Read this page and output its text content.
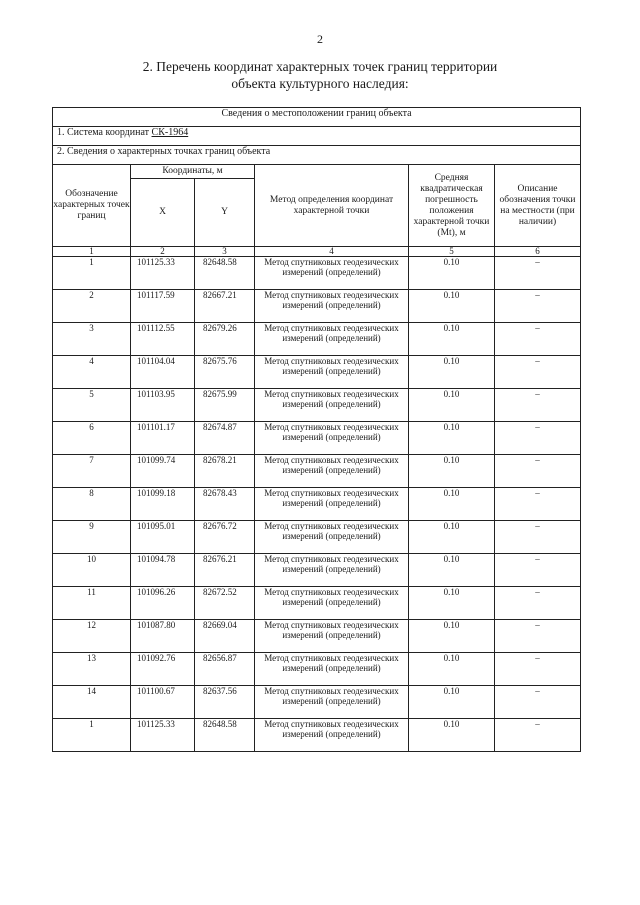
2
2. Перечень координат характерных точек границ территории
объекта культурного наследия:
Сведения о местоположении границ объекта					
1. Система координат СК-1964					
2. Сведения о характерных точках границ объекта					
Обозначение характерных точек границ	Координаты, м		Метод определения координат характерной точки	Средняя квадратическая погрешность положения характерной точки (Mt), м	Описание обозначения точки на местности (при наличии)
	X	Y			
1	2	3	4	5	6
1	101125.33	82648.58	Метод спутниковых геодезических измерений (определений)	0.10	–
2	101117.59	82667.21	Метод спутниковых геодезических измерений (определений)	0.10	–
3	101112.55	82679.26	Метод спутниковых геодезических измерений (определений)	0.10	–
4	101104.04	82675.76	Метод спутниковых геодезических измерений (определений)	0.10	–
5	101103.95	82675.99	Метод спутниковых геодезических измерений (определений)	0.10	–
6	101101.17	82674.87	Метод спутниковых геодезических измерений (определений)	0.10	–
7	101099.74	82678.21	Метод спутниковых геодезических измерений (определений)	0.10	–
8	101099.18	82678.43	Метод спутниковых геодезических измерений (определений)	0.10	–
9	101095.01	82676.72	Метод спутниковых геодезических измерений (определений)	0.10	–
10	101094.78	82676.21	Метод спутниковых геодезических измерений (определений)	0.10	–
11	101096.26	82672.52	Метод спутниковых геодезических измерений (определений)	0.10	–
12	101087.80	82669.04	Метод спутниковых геодезических измерений (определений)	0.10	–
13	101092.76	82656.87	Метод спутниковых геодезических измерений (определений)	0.10	–
14	101100.67	82637.56	Метод спутниковых геодезических измерений (определений)	0.10	–
1	101125.33	82648.58	Метод спутниковых геодезических измерений (определений)	0.10	–
